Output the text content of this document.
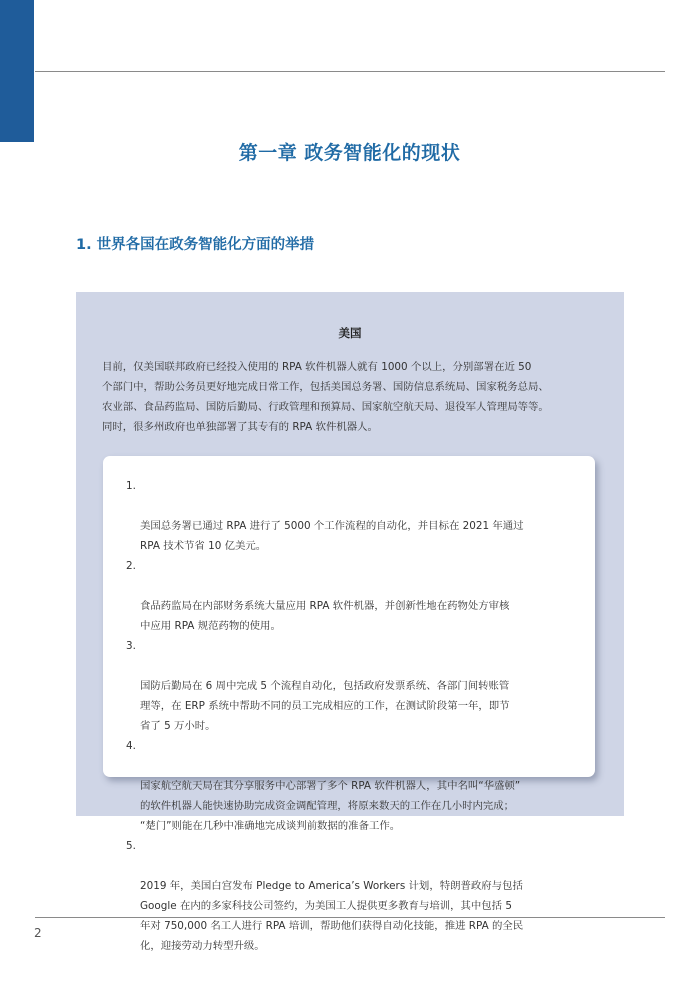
第一章 政务智能化的现状
1. 世界各国在政务智能化方面的举措
美国

目前，仅美国联邦政府已经投入使用的 RPA 软件机器人就有 1000 个以上，分别部署在近 50
个部门中，帮助公务员更好地完成日常工作，包括美国总务署、国防信息系统局、国家税务总局、
农业部、食品药监局、国防后勤局、行政管理和预算局、国家航空航天局、退役军人管理局等等。
同时，很多州政府也单独部署了其专有的 RPA 软件机器人。

1.

美国总务署已通过 RPA 进行了 5000 个工作流程的自动化，并目标在 2021 年通过
RPA 技术节省 10 亿美元。

2.

食品药监局在内部财务系统大量应用 RPA 软件机器，并创新性地在药物处方审核
中应用 RPA 规范药物的使用。

3.

国防后勤局在 6 周中完成 5 个流程自动化，包括政府发票系统、各部门间转账管
理等，在 ERP 系统中帮助不同的员工完成相应的工作，在测试阶段第一年，即节
省了 5 万小时。

4.

国家航空航天局在其分享服务中心部署了多个 RPA 软件机器人，其中名叫“华盛顿”
的软件机器人能快速协助完成资金调配管理，将原来数天的工作在几小时内完成；
“楚门”则能在几秒中准确地完成谈判前数据的准备工作。

5.

2019 年，美国白宫发布 Pledge to America’s Workers 计划，特朗普政府与包括
Google 在内的多家科技公司签约，为美国工人提供更多教育与培训，其中包括 5
年对 750,000 名工人进行 RPA 培训，帮助他们获得自动化技能，推进 RPA 的全民
化，迎接劳动力转型升级。

2
